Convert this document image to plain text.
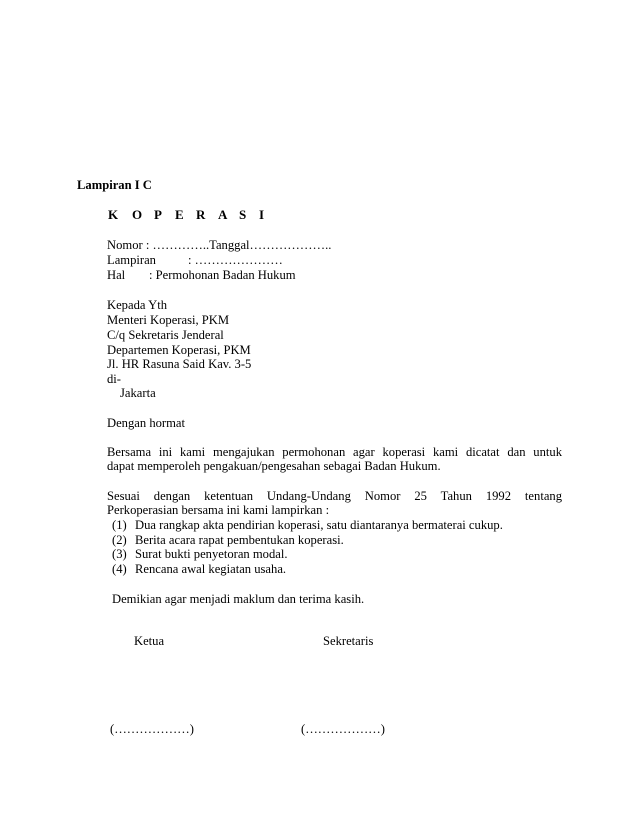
Lampiran I C
K O P E R A S I
Nomor : …………..Tanggal………………..
Lampiran	: …………………
Hal : Permohonan Badan Hukum
Kepada Yth
Menteri Koperasi, PKM
C/q Sekretaris Jenderal
Departemen Koperasi, PKM
Jl. HR Rasuna Said Kav. 3-5
di-
Jakarta
Dengan hormat
Bersama ini kami mengajukan permohonan agar koperasi kami dicatat dan untuk
dapat memperoleh pengakuan/pengesahan sebagai Badan Hukum.
Sesuai dengan ketentuan Undang-Undang Nomor 25 Tahun 1992 tentang
Perkoperasian bersama ini kami lampirkan :
(1) Dua rangkap akta pendirian koperasi, satu diantaranya bermaterai cukup.
(2) Berita acara rapat pembentukan koperasi.
(3) Surat bukti penyetoran modal.
(4) Rencana awal kegiatan usaha.
Demikian agar menjadi maklum dan terima kasih.
Ketua	Sekretaris
(………………)	(………………)
